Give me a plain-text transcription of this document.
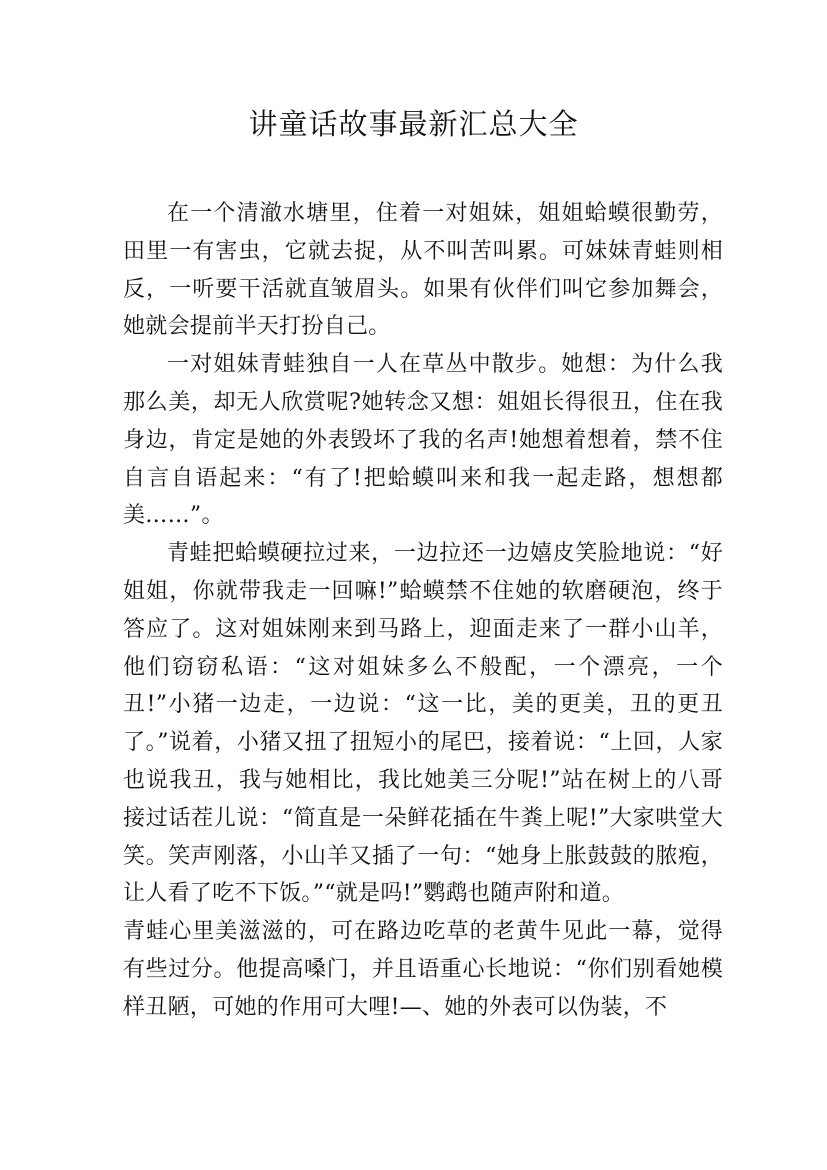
讲童话故事最新汇总大全

在一个清澈水塘里，住着一对姐妹，姐姐蛤蟆很勤劳，田里一有害虫，它就去捉，从不叫苦叫累。可妹妹青蛙则相反，一听要干活就直皱眉头。如果有伙伴们叫它参加舞会，她就会提前半天打扮自己。

一对姐妹青蛙独自一人在草丛中散步。她想：为什么我那么美，却无人欣赏呢?她转念又想：姐姐长得很丑，住在我身边，肯定是她的外表毁坏了我的名声!她想着想着，禁不住自言自语起来：“有了!把蛤蟆叫来和我一起走路，想想都美……”。

青蛙把蛤蟆硬拉过来，一边拉还一边嬉皮笑脸地说：“好姐姐，你就带我走一回嘛!”蛤蟆禁不住她的软磨硬泡，终于答应了。这对姐妹刚来到马路上，迎面走来了一群小山羊，他们窃窃私语：“这对姐妹多么不般配，一个漂亮，一个丑!”小猪一边走，一边说：“这一比，美的更美，丑的更丑了。”说着，小猪又扭了扭短小的尾巴，接着说：“上回，人家也说我丑，我与她相比，我比她美三分呢!”站在树上的八哥接过话茬儿说：“简直是一朵鲜花插在牛粪上呢!”大家哄堂大笑。笑声刚落，小山羊又插了一句：“她身上胀鼓鼓的脓疱，让人看了吃不下饭。”“就是吗!”鹦鹉也随声附和道。

青蛙心里美滋滋的，可在路边吃草的老黄牛见此一幕，觉得有些过分。他提高嗓门，并且语重心长地说：“你们别看她模样丑陋，可她的作用可大哩!—、她的外表可以伪装，不
